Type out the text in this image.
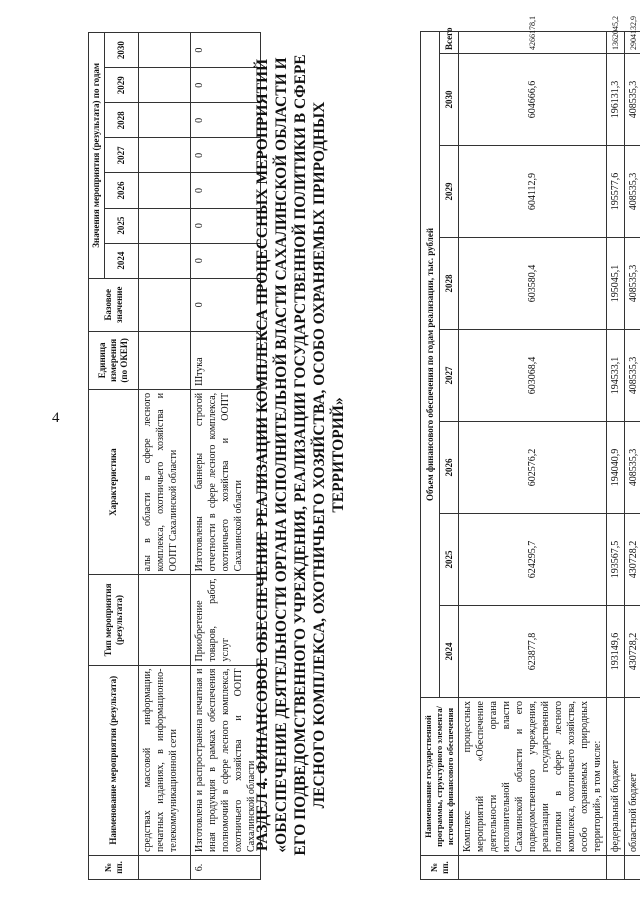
4
№ пп.	Наименование мероприятия (результата)	Тип мероприятия (результата)	Характеристика	Единица измерения (по ОКЕИ)	Базовое значение	Значения мероприятия (результата) по годам						
						2024	2025	2026	2027	2028	2029	2030
	средствах массовой информации, печатных изданиях, в информационно-телекоммуникационной сети		алы в области в сфере лесного комплекса, охотничьего хозяйства и ООПТ Сахалинской области									
6.	Изготовлена и распространена печатная и иная продукция в рамках обеспечения полномочий в сфере лесного комплекса, охотничьего хозяйства и ООПТ Сахалинской области	Приобретение товаров, работ, услуг	Изготовлены баннеры строгой отчетности в сфере лесного комплекса, охотничьего хозяйства и ООПТ Сахалинской области	Штука	0	0	0	0	0	0	0	0
РАЗДЕЛ 4. ФИНАНСОВОЕ ОБЕСПЕЧЕНИЕ РЕАЛИЗАЦИИ КОМПЛЕКСА ПРОЦЕССНЫХ МЕРОПРИЯТИЙ «ОБЕСПЕЧЕНИЕ ДЕЯТЕЛЬНОСТИ ОРГАНА ИСПОЛНИТЕЛЬНОЙ ВЛАСТИ САХАЛИНСКОЙ ОБЛАСТИ И ЕГО ПОДВЕДОМСТВЕННОГО УЧРЕЖДЕНИЯ, РЕАЛИЗАЦИИ ГОСУДАРСТВЕННОЙ ПОЛИТИКИ В СФЕРЕ ЛЕСНОГО КОМПЛЕКСА, ОХОТНИЧЬЕГО ХОЗЯЙСТВА, ОСОБО ОХРАНЯЕМЫХ ПРИРОДНЫХ ТЕРРИТОРИЙ»
№ пп.	Наименование государственной программы, структурного элемента/источник финансового обеспечения	Объем финансового обеспечения по годам реализации, тыс. рублей							
		2024	2025	2026	2027	2028	2029	2030	Всего
	Комплекс процессных мероприятий «Обеспечение деятельности органа исполнительной власти Сахалинской области и его подведомственного учреждения, реализации государственной политики в сфере лесного комплекса, охотничьего хозяйства, особо охраняемых природных территорий», в том числе:	623877,8	624295,7	602576,2	603068,4	603580,4	604112,9	604666,6	4266178,1
	федеральный бюджет	193149,6	193567,5	194040,9	194533,1	195045,1	195577,6	196131,3	1362045,2
	областной бюджет	430728,2	430728,2	408535,3	408535,3	408535,3	408535,3	408535,3	2904132,9
